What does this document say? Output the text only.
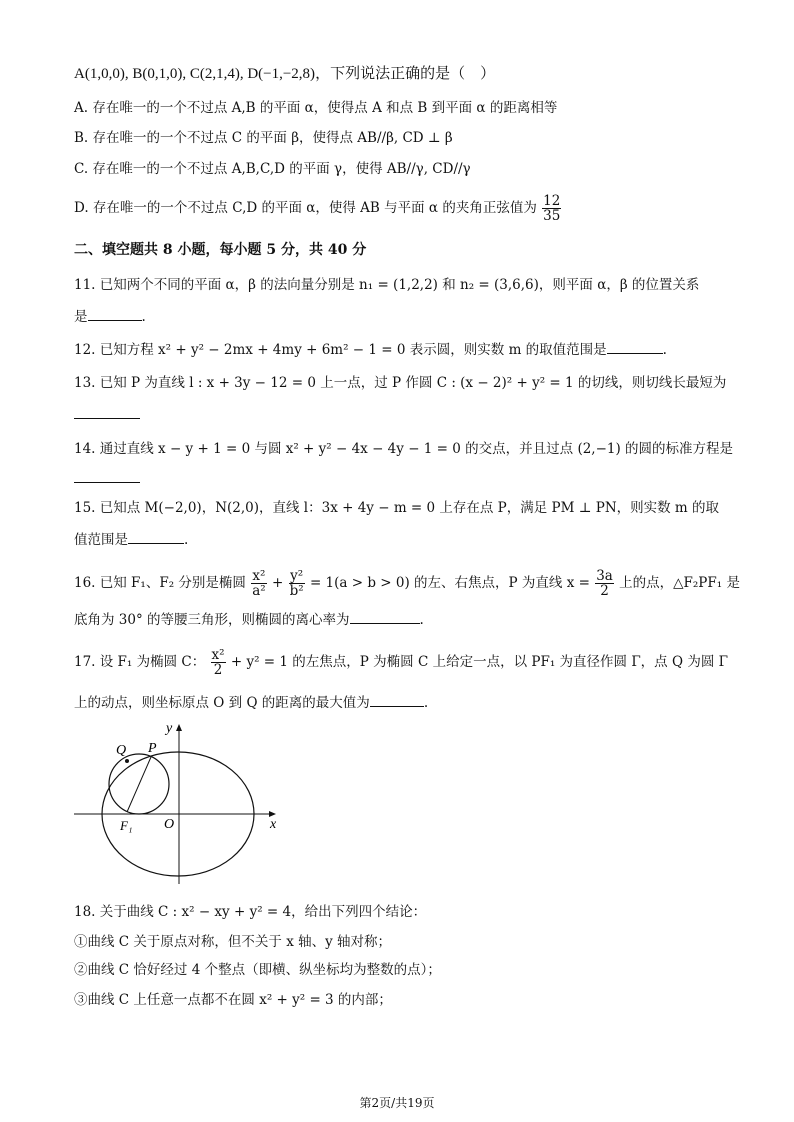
A(1,0,0), B(0,1,0), C(2,1,4), D(−1,−2,8)，下列说法正确的是（　）
A. 存在唯一的一个不过点 A,B 的平面 α，使得点 A 和点 B 到平面 α 的距离相等
B. 存在唯一的一个不过点 C 的平面 β，使得点 AB//β, CD ⊥ β
C. 存在唯一的一个不过点 A,B,C,D 的平面 γ，使得 AB//γ, CD//γ
D. 存在唯一的一个不过点 C,D 的平面 α，使得 AB 与平面 α 的夹角正弦值为 $\frac{12}{35}$
二、填空题共 8 小题，每小题 5 分，共 40 分
11. 已知两个不同的平面 α，β 的法向量分别是 n₁ = (1,2,2) 和 n₂ = (3,6,6)，则平面 α，β 的位置关系
是	.
12. 已知方程 x² + y² − 2mx + 4my + 6m² − 1 = 0 表示圆，则实数 m 的取值范围是	.
13. 已知 P 为直线 l : x + 3y − 12 = 0 上一点，过 P 作圆 C : (x − 2)² + y² = 1 的切线，则切线长最短为
14. 通过直线 x − y + 1 = 0 与圆 x² + y² − 4x − 4y − 1 = 0 的交点，并且过点 (2,−1) 的圆的标准方程是
15. 已知点 M(−2,0)，N(2,0)，直线 l：3x + 4y − m = 0 上存在点 P，满足 PM ⊥ PN，则实数 m 的取
值范围是	.
16. 已知 F₁、F₂ 分别是椭圆 $\frac{\text{x²}}{\text{a²}} + \frac{\text{y²}}{\text{b²}} = 1(a > b > 0)$ 的左、右焦点，P 为直线 $x = \frac{3a}{2}$ 上的点，△F₂PF₁ 是
底角为 30° 的等腰三角形，则椭圆的离心率为	.
17. 设 F₁ 为椭圆 C： $\frac{\text{x²}}{2} + y^2 = 1$ 的左焦点，P 为椭圆 C 上给定一点，以 PF₁ 为直径作圆 Γ，点 Q 为圆 Γ
上的动点，则坐标原点 O 到 Q 的距离的最大值为	.
y
x
Q P
F₁ O
18. 关于曲线 C : x² − xy + y² = 4，给出下列四个结论：
①曲线 C 关于原点对称，但不关于 x 轴、y 轴对称；
②曲线 C 恰好经过 4 个整点（即横、纵坐标均为整数的点）；
③曲线 C 上任意一点都不在圆 x² + y² = 3 的内部；
第2页/共19页
